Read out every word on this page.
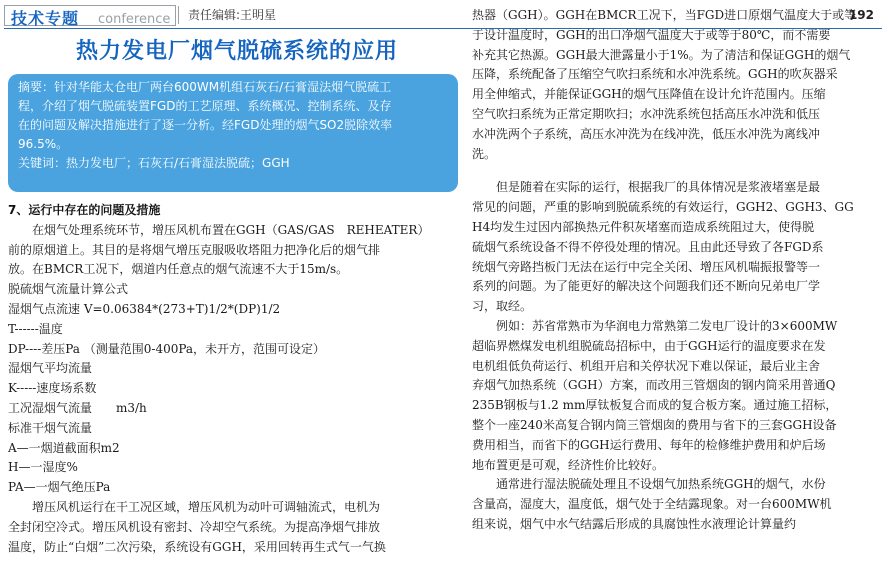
技术专题 conference 责任编辑:王明星	192
热力发电厂烟气脱硫系统的应用

摘要：针对华能太仓电厂两台600WM机组石灰石/石膏湿法烟气脱硫工

程，介绍了烟气脱硫装置FGD的工艺原理、系统概况、控制系统、及存

在的问题及解决措施进行了逐一分析。经FGD处理的烟气SO2脱除效率

96.5%。

关键词：热力发电厂；石灰石/石膏湿法脱硫；GGH

7、运行中存在的问题及措施
在烟气处理系统环节，增压风机布置在GGH（GAS/GAS　REHEATER）
前的原烟道上。其目的是将烟气增压克服吸收塔阻力把净化后的烟气排
放。在BMCR工况下，烟道内任意点的烟气流速不大于15m/s。
脱硫烟气流量计算公式
湿烟气点流速 V=0.06384*(273+T)1/2*(DP)1/2
T------温度
DP----差压Pa （测量范围0-400Pa，未开方，范围可设定）
湿烟气平均流量
K-----速度场系数
工况湿烟气流量　　m3/h
标准干烟气流量
A—一烟道截面积m2
H—一湿度%
PA—一烟气绝压Pa
增压风机运行在干工况区域，增压风机为动叶可调轴流式，电机为
全封闭空冷式。增压风机设有密封、冷却空气系统。为提高净烟气排放
温度，防止“白烟”二次污染，系统设有GGH，采用回转再生式气一气换
热器（GGH）。GGH在BMCR工况下，当FGD进口原烟气温度大于或等
于设计温度时，GGH的出口净烟气温度大于或等于80℃，而不需要
补充其它热源。GGH最大泄露量小于1%。为了清洁和保证GGH的烟气
压降，系统配备了压缩空气吹扫系统和水冲洗系统。GGH的吹灰器采
用全伸缩式，并能保证GGH的烟气压降值在设计允许范围内。压缩
空气吹扫系统为正常定期吹扫；水冲洗系统包括高压水冲洗和低压
水冲洗两个子系统，高压水冲洗为在线冲洗，低压水冲洗为离线冲
洗。
但是随着在实际的运行，根据我厂的具体情况是浆液堵塞是最
常见的问题，严重的影响到脱硫系统的有效运行，GGH2、GGH3、GG
H4均发生过因内部换热元件积灰堵塞而造成系统阻过大，使得脱
硫烟气系统设备不得不停役处理的情况。且由此还导致了各FGD系
统烟气旁路挡板门无法在运行中完全关闭、增压风机喘振报警等一
系列的问题。为了能更好的解决这个问题我们还不断向兄弟电厂学
习，取经。
例如：苏省常熟市为华润电力常熟第二发电厂设计的3×600MW
超临界燃煤发电机组脱硫岛招标中，由于GGH运行的温度要求在发
电机组低负荷运行、机组开启和关停状况下难以保证，最后业主舍
弃烟气加热系统（GGH）方案，而改用三管烟囱的钢内筒采用普通Q
235B钢板与1.2 mm厚钛板复合而成的复合板方案。通过施工招标，
整个一座240米高复合钢内筒三管烟囱的费用与省下的三套GGH设备
费用相当，而省下的GGH运行费用、每年的检修维护费用和炉后场
地布置更是可观，经济性价比较好。
通常进行湿法脱硫处理且不设烟气加热系统GGH的烟气，水份
含量高，湿度大，温度低，烟气处于全结露现象。对一台600MW机
组来说，烟气中水气结露后形成的具腐蚀性水液理论计算量约
